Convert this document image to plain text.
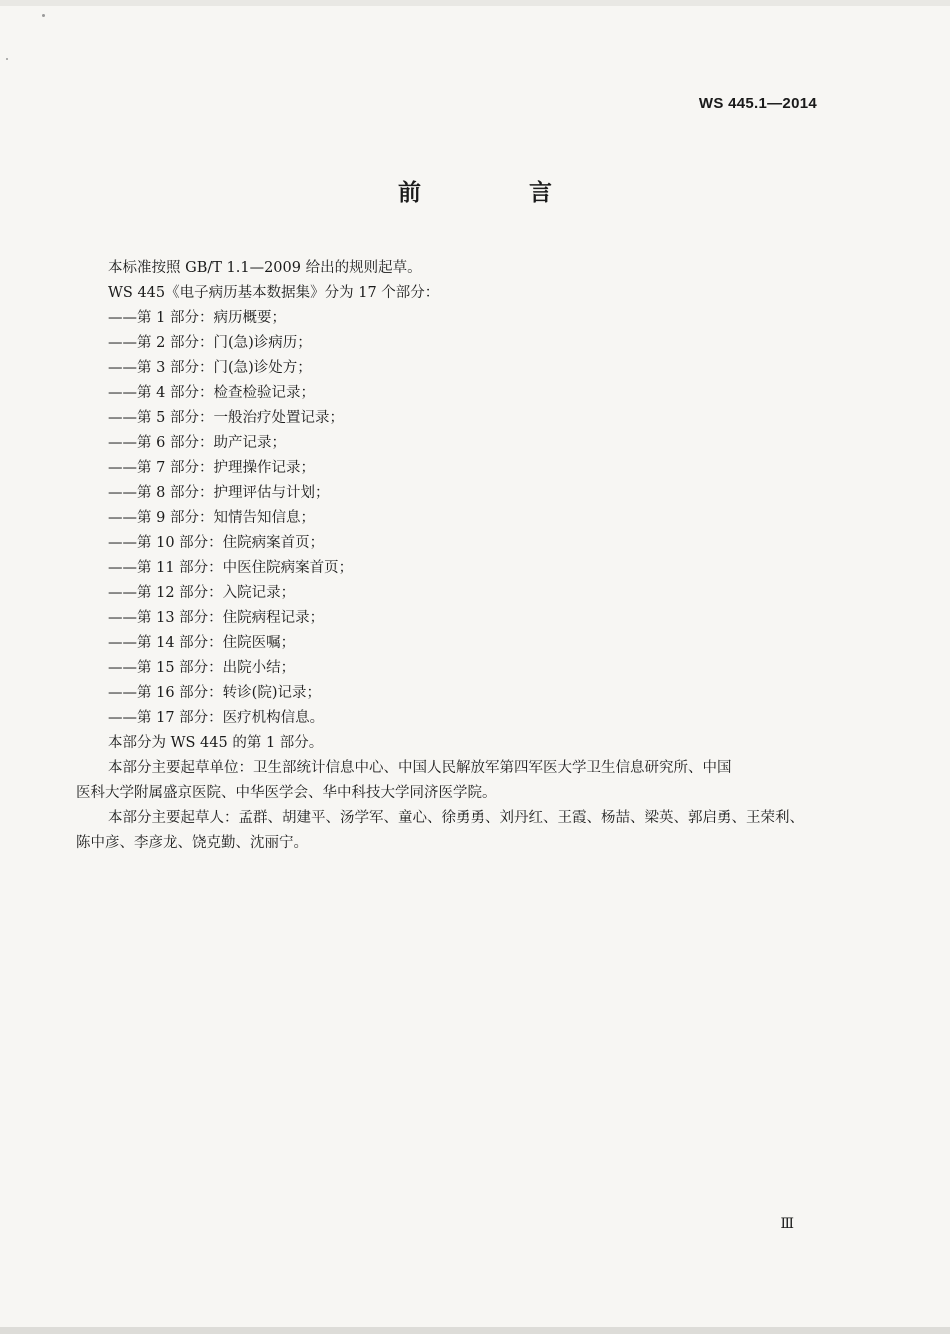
WS 445.1—2014
前 言
本标准按照 GB/T 1.1—2009 给出的规则起草。
WS 445《电子病历基本数据集》分为 17 个部分：
——第 1 部分：病历概要；
——第 2 部分：门(急)诊病历；
——第 3 部分：门(急)诊处方；
——第 4 部分：检查检验记录；
——第 5 部分：一般治疗处置记录；
——第 6 部分：助产记录；
——第 7 部分：护理操作记录；
——第 8 部分：护理评估与计划；
——第 9 部分：知情告知信息；
——第 10 部分：住院病案首页；
——第 11 部分：中医住院病案首页；
——第 12 部分：入院记录；
——第 13 部分：住院病程记录；
——第 14 部分：住院医嘱；
——第 15 部分：出院小结；
——第 16 部分：转诊(院)记录；
——第 17 部分：医疗机构信息。
本部分为 WS 445 的第 1 部分。
本部分主要起草单位：卫生部统计信息中心、中国人民解放军第四军医大学卫生信息研究所、中国
医科大学附属盛京医院、中华医学会、华中科技大学同济医学院。
本部分主要起草人：孟群、胡建平、汤学军、童心、徐勇勇、刘丹红、王霞、杨喆、梁英、郭启勇、王荣利、
陈中彦、李彦龙、饶克勤、沈丽宁。
Ⅲ
